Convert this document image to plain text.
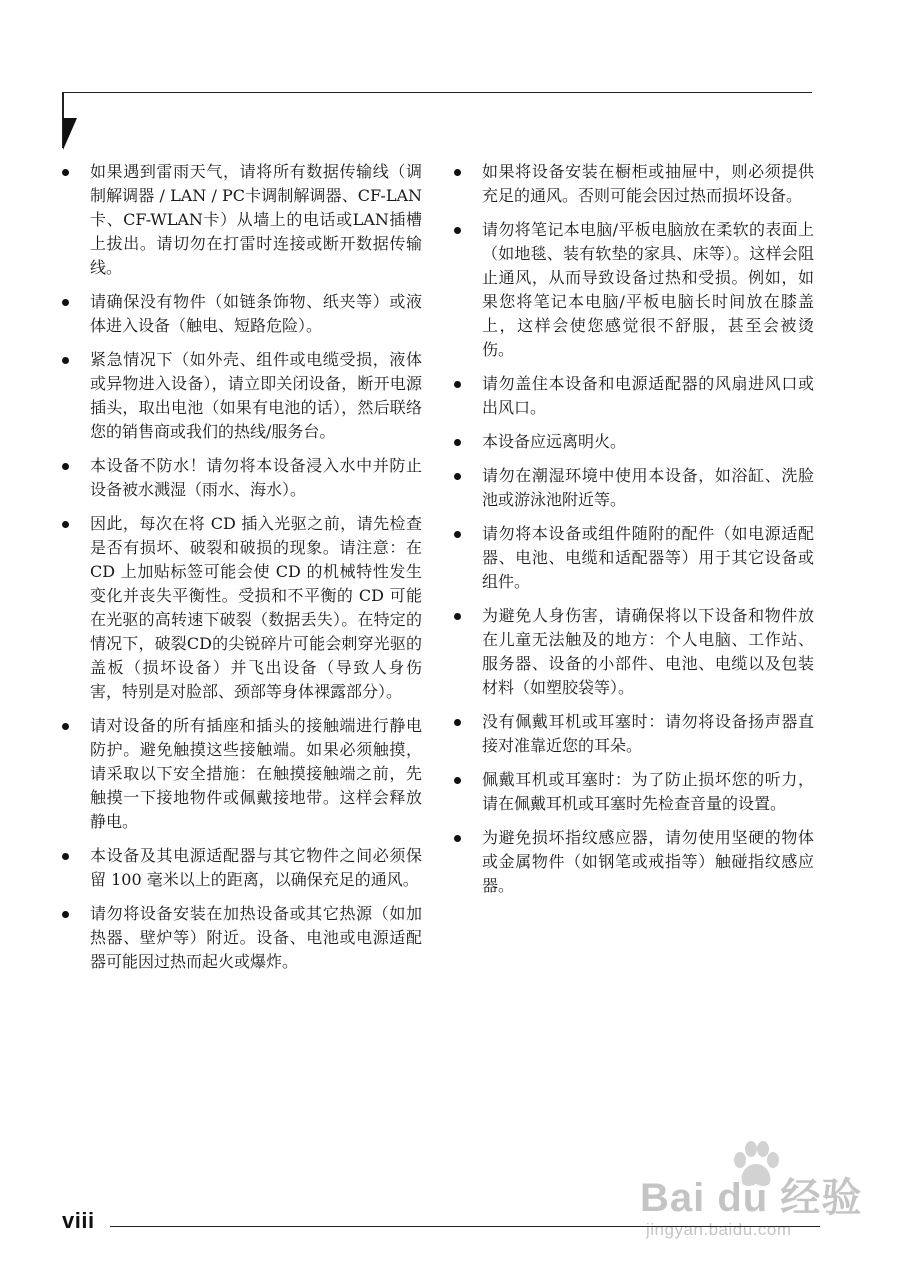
如果遇到雷雨天气，请将所有数据传输线（调制解调器 / LAN / PC卡调制解调器、CF-LAN卡、CF-WLAN卡）从墙上的电话或LAN插槽上拔出。请切勿在打雷时连接或断开数据传输线。
请确保没有物件（如链条饰物、纸夹等）或液体进入设备（触电、短路危险）。
紧急情况下（如外壳、组件或电缆受损，液体或异物进入设备），请立即关闭设备，断开电源插头，取出电池（如果有电池的话），然后联络您的销售商或我们的热线/服务台。
本设备不防水！请勿将本设备浸入水中并防止设备被水溅湿（雨水、海水）。
因此，每次在将 CD 插入光驱之前，请先检查是否有损坏、破裂和破损的现象。请注意：在 CD 上加贴标签可能会使 CD 的机械特性发生变化并丧失平衡性。受损和不平衡的 CD 可能在光驱的高转速下破裂（数据丢失）。在特定的情况下，破裂CD的尖锐碎片可能会刺穿光驱的盖板（损坏设备）并飞出设备（导致人身伤害，特别是对脸部、颈部等身体裸露部分）。
请对设备的所有插座和插头的接触端进行静电防护。避免触摸这些接触端。如果必须触摸，请采取以下安全措施：在触摸接触端之前，先触摸一下接地物件或佩戴接地带。这样会释放静电。
本设备及其电源适配器与其它物件之间必须保留 100 毫米以上的距离，以确保充足的通风。
请勿将设备安装在加热设备或其它热源（如加热器、壁炉等）附近。设备、电池或电源适配器可能因过热而起火或爆炸。
如果将设备安装在橱柜或抽屉中，则必须提供充足的通风。否则可能会因过热而损坏设备。
请勿将笔记本电脑/平板电脑放在柔软的表面上（如地毯、装有软垫的家具、床等）。这样会阻止通风，从而导致设备过热和受损。例如，如果您将笔记本电脑/平板电脑长时间放在膝盖上，这样会使您感觉很不舒服，甚至会被烫伤。
请勿盖住本设备和电源适配器的风扇进风口或出风口。
本设备应远离明火。
请勿在潮湿环境中使用本设备，如浴缸、洗脸池或游泳池附近等。
请勿将本设备或组件随附的配件（如电源适配器、电池、电缆和适配器等）用于其它设备或组件。
为避免人身伤害，请确保将以下设备和物件放在儿童无法触及的地方：个人电脑、工作站、服务器、设备的小部件、电池、电缆以及包装材料（如塑胶袋等）。
没有佩戴耳机或耳塞时：请勿将设备扬声器直接对准靠近您的耳朵。
佩戴耳机或耳塞时：为了防止损坏您的听力，请在佩戴耳机或耳塞时先检查音量的设置。
为避免损坏指纹感应器，请勿使用坚硬的物体或金属物件（如钢笔或戒指等）触碰指纹感应器。
Bai du 经验
jingyan.baidu.com
viii
